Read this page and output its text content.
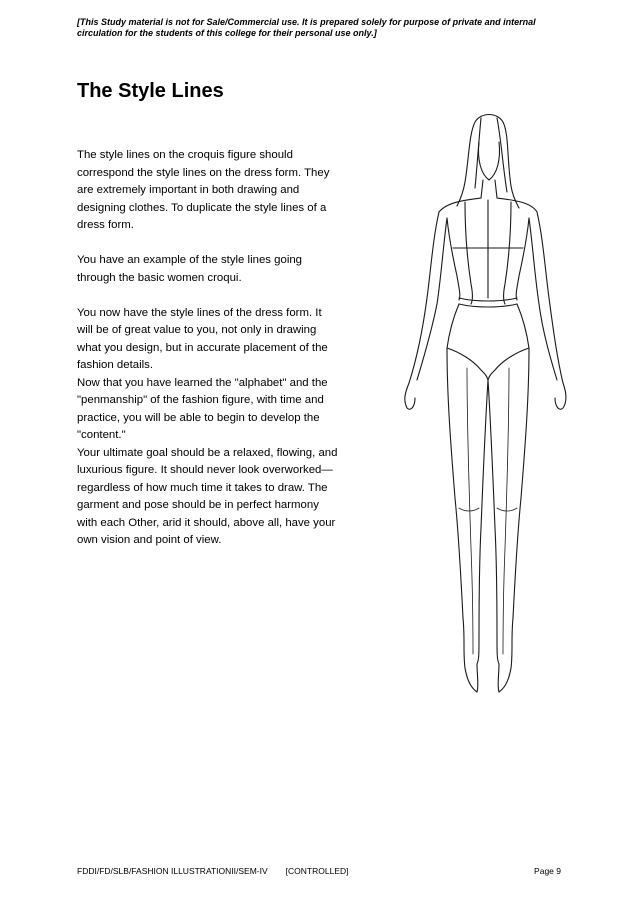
[This Study material is not for Sale/Commercial use. It is prepared solely for purpose of private and internal circulation for the students of this college for their personal use only.]
The Style Lines

The style lines on the croquis figure should correspond the style lines on the dress form. They are extremely important in both drawing and designing clothes. To duplicate the style lines of a dress form.

You have an example of the style lines going through the basic women croqui.

You now have the style lines of the dress form. It will be of great value to you, not only in drawing what you design, but in accurate placement of the fashion details.

Now that you have learned the "alphabet" and the "penmanship" of the fashion figure, with time and practice, you will be able to begin to develop the "content."

Your ultimate goal should be a relaxed, flowing, and luxurious figure. It should never look overworked—regardless of how much time it takes to draw. The garment and pose should be in perfect harmony with each Other, arid it should, above all, have your own vision and point of view.

FDDI/FD/SLB/FASHION ILLUSTRATIONII/SEM-IV [CONTROLLED]	Page 9
